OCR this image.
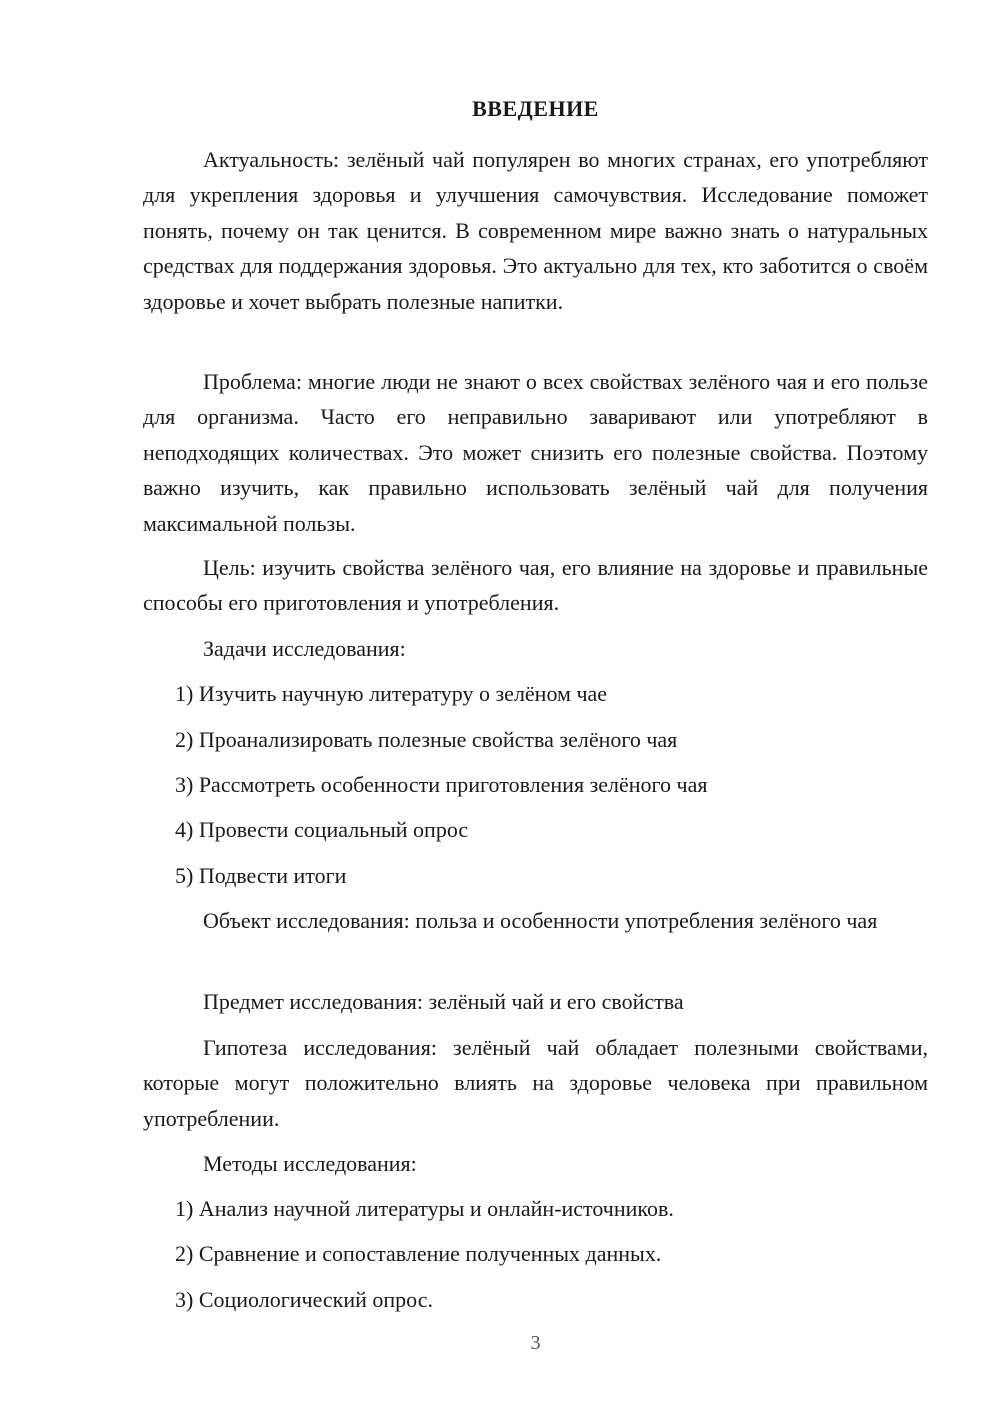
ВВЕДЕНИЕ

Актуальность: зелёный чай популярен во многих странах, его употребляют для укрепления здоровья и улучшения самочувствия. Исследование поможет понять, почему он так ценится. В современном мире важно знать о натуральных средствах для поддержания здоровья. Это актуально для тех, кто заботится о своём здоровье и хочет выбрать полезные напитки.

Проблема: многие люди не знают о всех свойствах зелёного чая и его пользе для организма. Часто его неправильно заваривают или употребляют в неподходящих количествах. Это может снизить его полезные свойства. Поэтому важно изучить, как правильно использовать зелёный чай для получения максимальной пользы.

Цель: изучить свойства зелёного чая, его влияние на здоровье и правильные способы его приготовления и употребления.

Задачи исследования:
1) Изучить научную литературу о зелёном чае
2) Проанализировать полезные свойства зелёного чая
3) Рассмотреть особенности приготовления зелёного чая
4) Провести социальный опрос
5) Подвести итоги

Объект исследования: польза и особенности употребления зелёного чая

Предмет исследования: зелёный чай и его свойства

Гипотеза исследования: зелёный чай обладает полезными свойствами, которые могут положительно влиять на здоровье человека при правильном употреблении.

Методы исследования:
1) Анализ научной литературы и онлайн-источников.
2) Сравнение и сопоставление полученных данных.
3) Социологический опрос.
3
